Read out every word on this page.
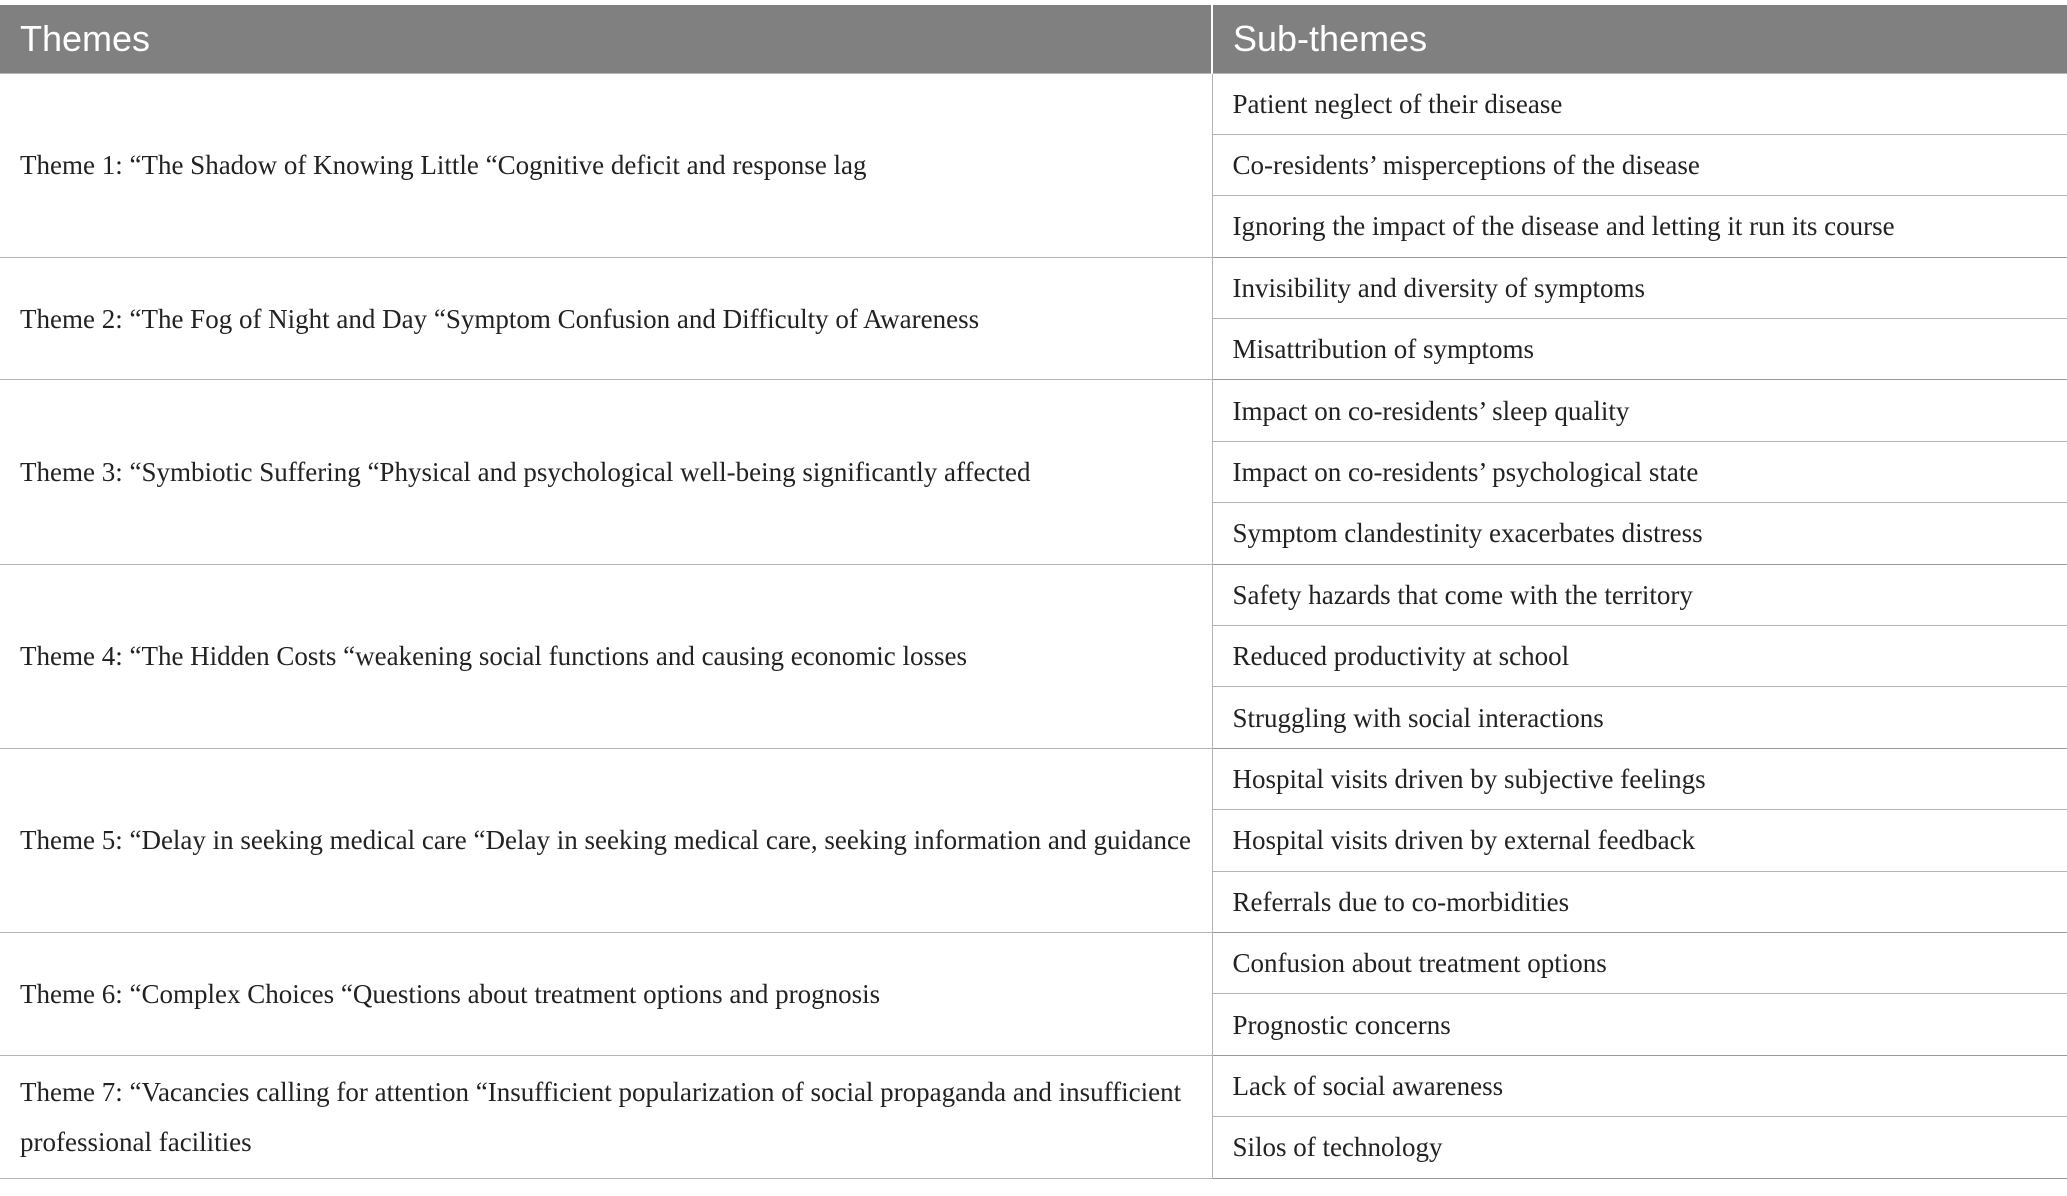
Themes	Sub-themes
Theme 1: “The Shadow of Knowing Little “Cognitive deficit and response lag	Patient neglect of their disease
	Co-residents’ misperceptions of the disease
	Ignoring the impact of the disease and letting it run its course
Theme 2: “The Fog of Night and Day “Symptom Confusion and Difficulty of Awareness	Invisibility and diversity of symptoms
	Misattribution of symptoms
Theme 3: “Symbiotic Suffering “Physical and psychological well-being significantly affected	Impact on co-residents’ sleep quality
	Impact on co-residents’ psychological state
	Symptom clandestinity exacerbates distress
Theme 4: “The Hidden Costs “weakening social functions and causing economic losses	Safety hazards that come with the territory
	Reduced productivity at school
	Struggling with social interactions
Theme 5: “Delay in seeking medical care “Delay in seeking medical care, seeking information and guidance	Hospital visits driven by subjective feelings
	Hospital visits driven by external feedback
	Referrals due to co-morbidities
Theme 6: “Complex Choices “Questions about treatment options and prognosis	Confusion about treatment options
	Prognostic concerns
Theme 7: “Vacancies calling for attention “Insufficient popularization of social propaganda and insufficient professional facilities	Lack of social awareness
	Silos of technology
